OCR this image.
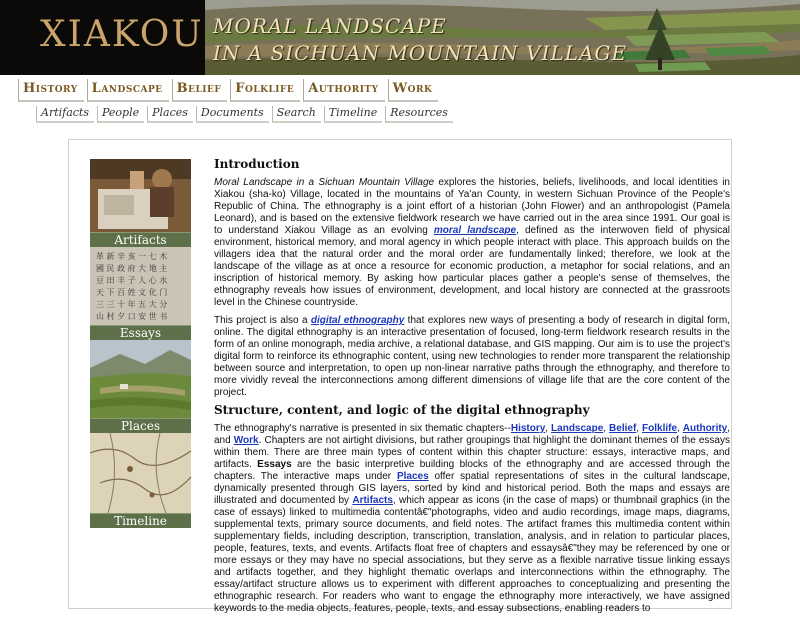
XIAKOU MORAL LANDSCAPE
IN A SICHUAN MOUNTAIN VILLAGE
History	Landscape	Belief	Folklife	Authority	Work
Artifacts	People	Places	Documents	Search	Timeline	Resources
Artifacts
革 新 辛 亥 一 七 木
國 民 政 府 大 地 主
豆 田 丰 子 人 心 水
天 下 百 姓 文 化 门
三 三 十 年 五 大 分
山 村 夕 口 安 世 书
Essays
Places
Timeline
Introduction

Moral Landscape in a Sichuan Mountain Village explores the histories, beliefs, livelihoods, and local identities in Xiakou (sha-ko) Village, located in the mountains of Ya'an County, in western Sichuan Province of the People's Republic of China. The ethnography is a joint effort of a historian (John Flower) and an anthropologist (Pamela Leonard), and is based on the extensive fieldwork research we have carried out in the area since 1991. Our goal is to understand Xiakou Village as an evolving moral landscape, defined as the interwoven field of physical environment, historical memory, and moral agency in which people interact with place. This approach builds on the villagers idea that the natural order and the moral order are fundamentally linked; therefore, we look at the landscape of the village as at once a resource for economic production, a metaphor for social relations, and an inscription of historical memory. By asking how particular places gather a people's sense of themselves, the ethnography reveals how issues of environment, development, and local history are connected at the grassroots level in the Chinese countryside.

This project is also a digital ethnography that explores new ways of presenting a body of research in digital form, online. The digital ethnography is an interactive presentation of focused, long-term fieldwork research results in the form of an online monograph, media archive, a relational database, and GIS mapping. Our aim is to use the project's digital form to reinforce its ethnographic content, using new technologies to render more transparent the relationship between source and interpretation, to open up non-linear narrative paths through the ethnography, and therefore to more vividly reveal the interconnections among different dimensions of village life that are the core content of the project.

Structure, content, and logic of the digital ethnography

The ethnography's narrative is presented in six thematic chapters--History, Landscape, Belief, Folklife, Authority, and Work. Chapters are not airtight divisions, but rather groupings that highlight the dominant themes of the essays within them. There are three main types of content within this chapter structure: essays, interactive maps, and artifacts. Essays are the basic interpretive building blocks of the ethnography and are accessed through the chapters. The interactive maps under Places offer spatial representations of sites in the cultural landscape, dynamically presented through GIS layers, sorted by kind and historical period. Both the maps and essays are illustrated and documented by Artifacts, which appear as icons (in the case of maps) or thumbnail graphics (in the case of essays) linked to multimedia contentâ€"photographs, video and audio recordings, image maps, diagrams, supplemental texts, primary source documents, and field notes. The artifact frames this multimedia content within supplementary fields, including description, transcription, translation, analysis, and in relation to particular places, people, features, texts, and events. Artifacts float free of chapters and essaysâ€"they may be referenced by one or more essays or they may have no special associations, but they serve as a flexible narrative tissue linking essays and artifacts together, and they highlight thematic overlaps and interconnections within the ethnography. The essay/artifact structure allows us to experiment with different approaches to conceptualizing and presenting the ethnographic research. For readers who want to engage the ethnography more interactively, we have assigned keywords to the media objects, features, people, texts, and essay subsections, enabling readers to
